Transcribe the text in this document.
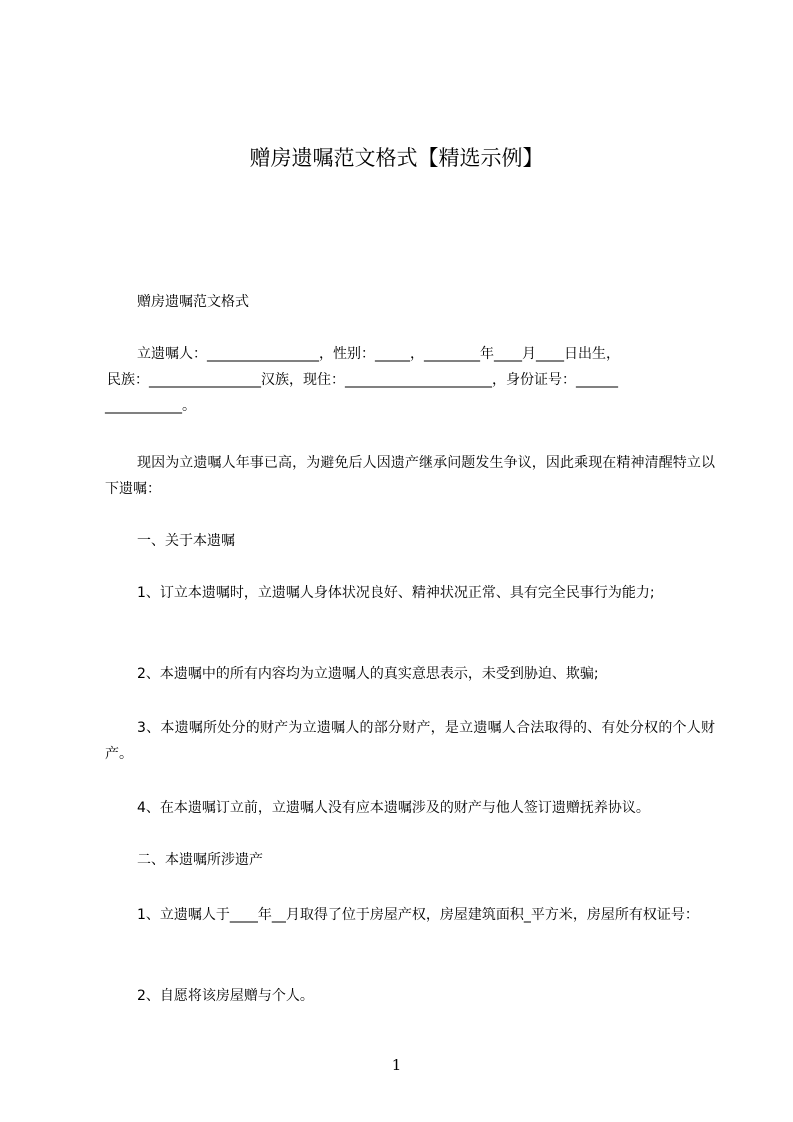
赠房遗嘱范文格式【精选示例】

赠房遗嘱范文格式

立遗嘱人：________________，性别：_____，________年____月____日出生，

民族：________________汉族，现住：_____________________，身份证号：______

___________。

现因为立遗嘱人年事已高，为避免后人因遗产继承问题发生争议，因此乘现在精神清醒特立以下遗嘱：

一、关于本遗嘱

1、订立本遗嘱时，立遗嘱人身体状况良好、精神状况正常、具有完全民事行为能力;

2、本遗嘱中的所有内容均为立遗嘱人的真实意思表示，未受到胁迫、欺骗;

3、本遗嘱所处分的财产为立遗嘱人的部分财产，是立遗嘱人合法取得的、有处分权的个人财产。

4、在本遗嘱订立前，立遗嘱人没有应本遗嘱涉及的财产与他人签订遗赠抚养协议。

二、本遗嘱所涉遗产

1、立遗嘱人于____年__月取得了位于房屋产权，房屋建筑面积_平方米，房屋所有权证号：

2、自愿将该房屋赠与个人。

1
